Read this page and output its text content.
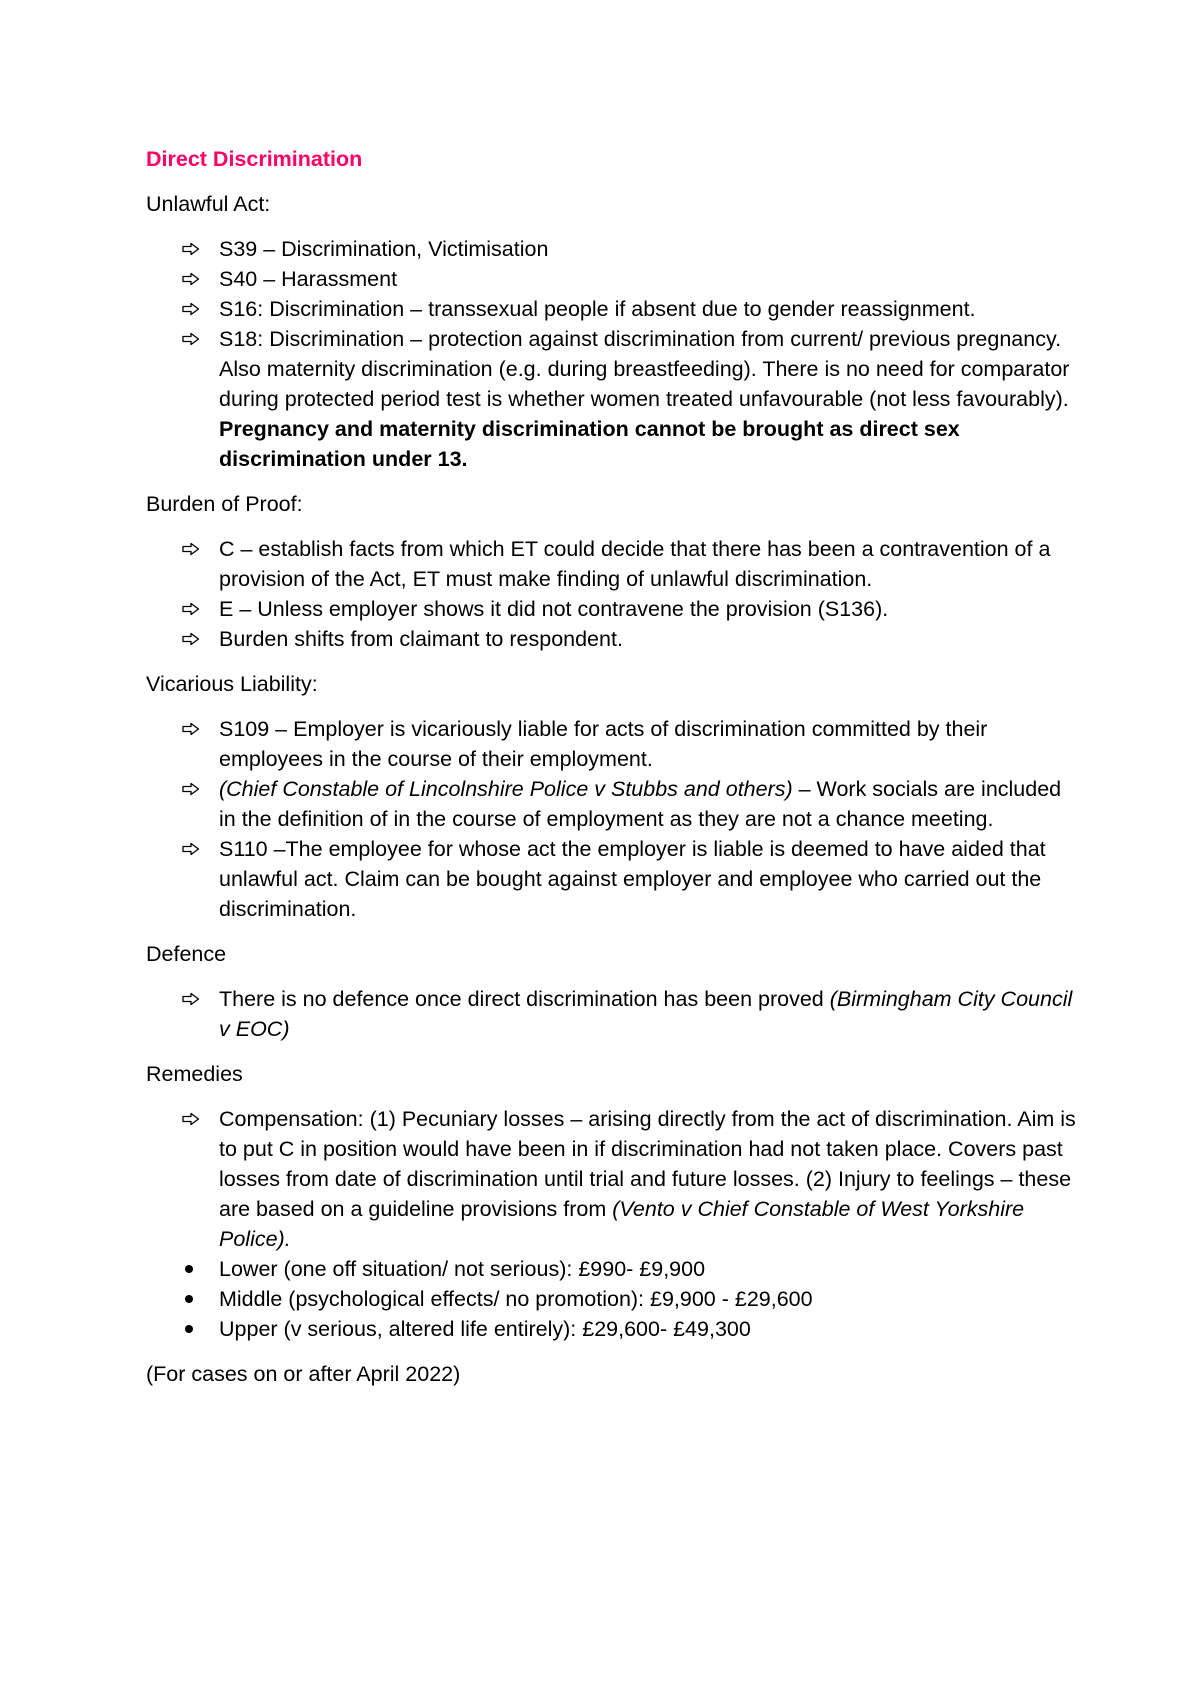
Direct Discrimination
Unlawful Act:
S39 – Discrimination, Victimisation
S40 – Harassment
S16: Discrimination – transsexual people if absent due to gender reassignment.
S18: Discrimination – protection against discrimination from current/ previous pregnancy. Also maternity discrimination (e.g. during breastfeeding). There is no need for comparator during protected period test is whether women treated unfavourable (not less favourably). Pregnancy and maternity discrimination cannot be brought as direct sex discrimination under 13.
Burden of Proof:
C – establish facts from which ET could decide that there has been a contravention of a provision of the Act, ET must make finding of unlawful discrimination.
E – Unless employer shows it did not contravene the provision (S136).
Burden shifts from claimant to respondent.
Vicarious Liability:
S109 – Employer is vicariously liable for acts of discrimination committed by their employees in the course of their employment.
(Chief Constable of Lincolnshire Police v Stubbs and others) – Work socials are included in the definition of in the course of employment as they are not a chance meeting.
S110 –The employee for whose act the employer is liable is deemed to have aided that unlawful act. Claim can be bought against employer and employee who carried out the discrimination.
Defence
There is no defence once direct discrimination has been proved (Birmingham City Council v EOC)
Remedies
Compensation: (1) Pecuniary losses – arising directly from the act of discrimination. Aim is to put C in position would have been in if discrimination had not taken place. Covers past losses from date of discrimination until trial and future losses. (2) Injury to feelings – these are based on a guideline provisions from (Vento v Chief Constable of West Yorkshire Police).
Lower (one off situation/ not serious): £990- £9,900
Middle (psychological effects/ no promotion): £9,900 - £29,600
Upper (v serious, altered life entirely): £29,600- £49,300
(For cases on or after April 2022)
